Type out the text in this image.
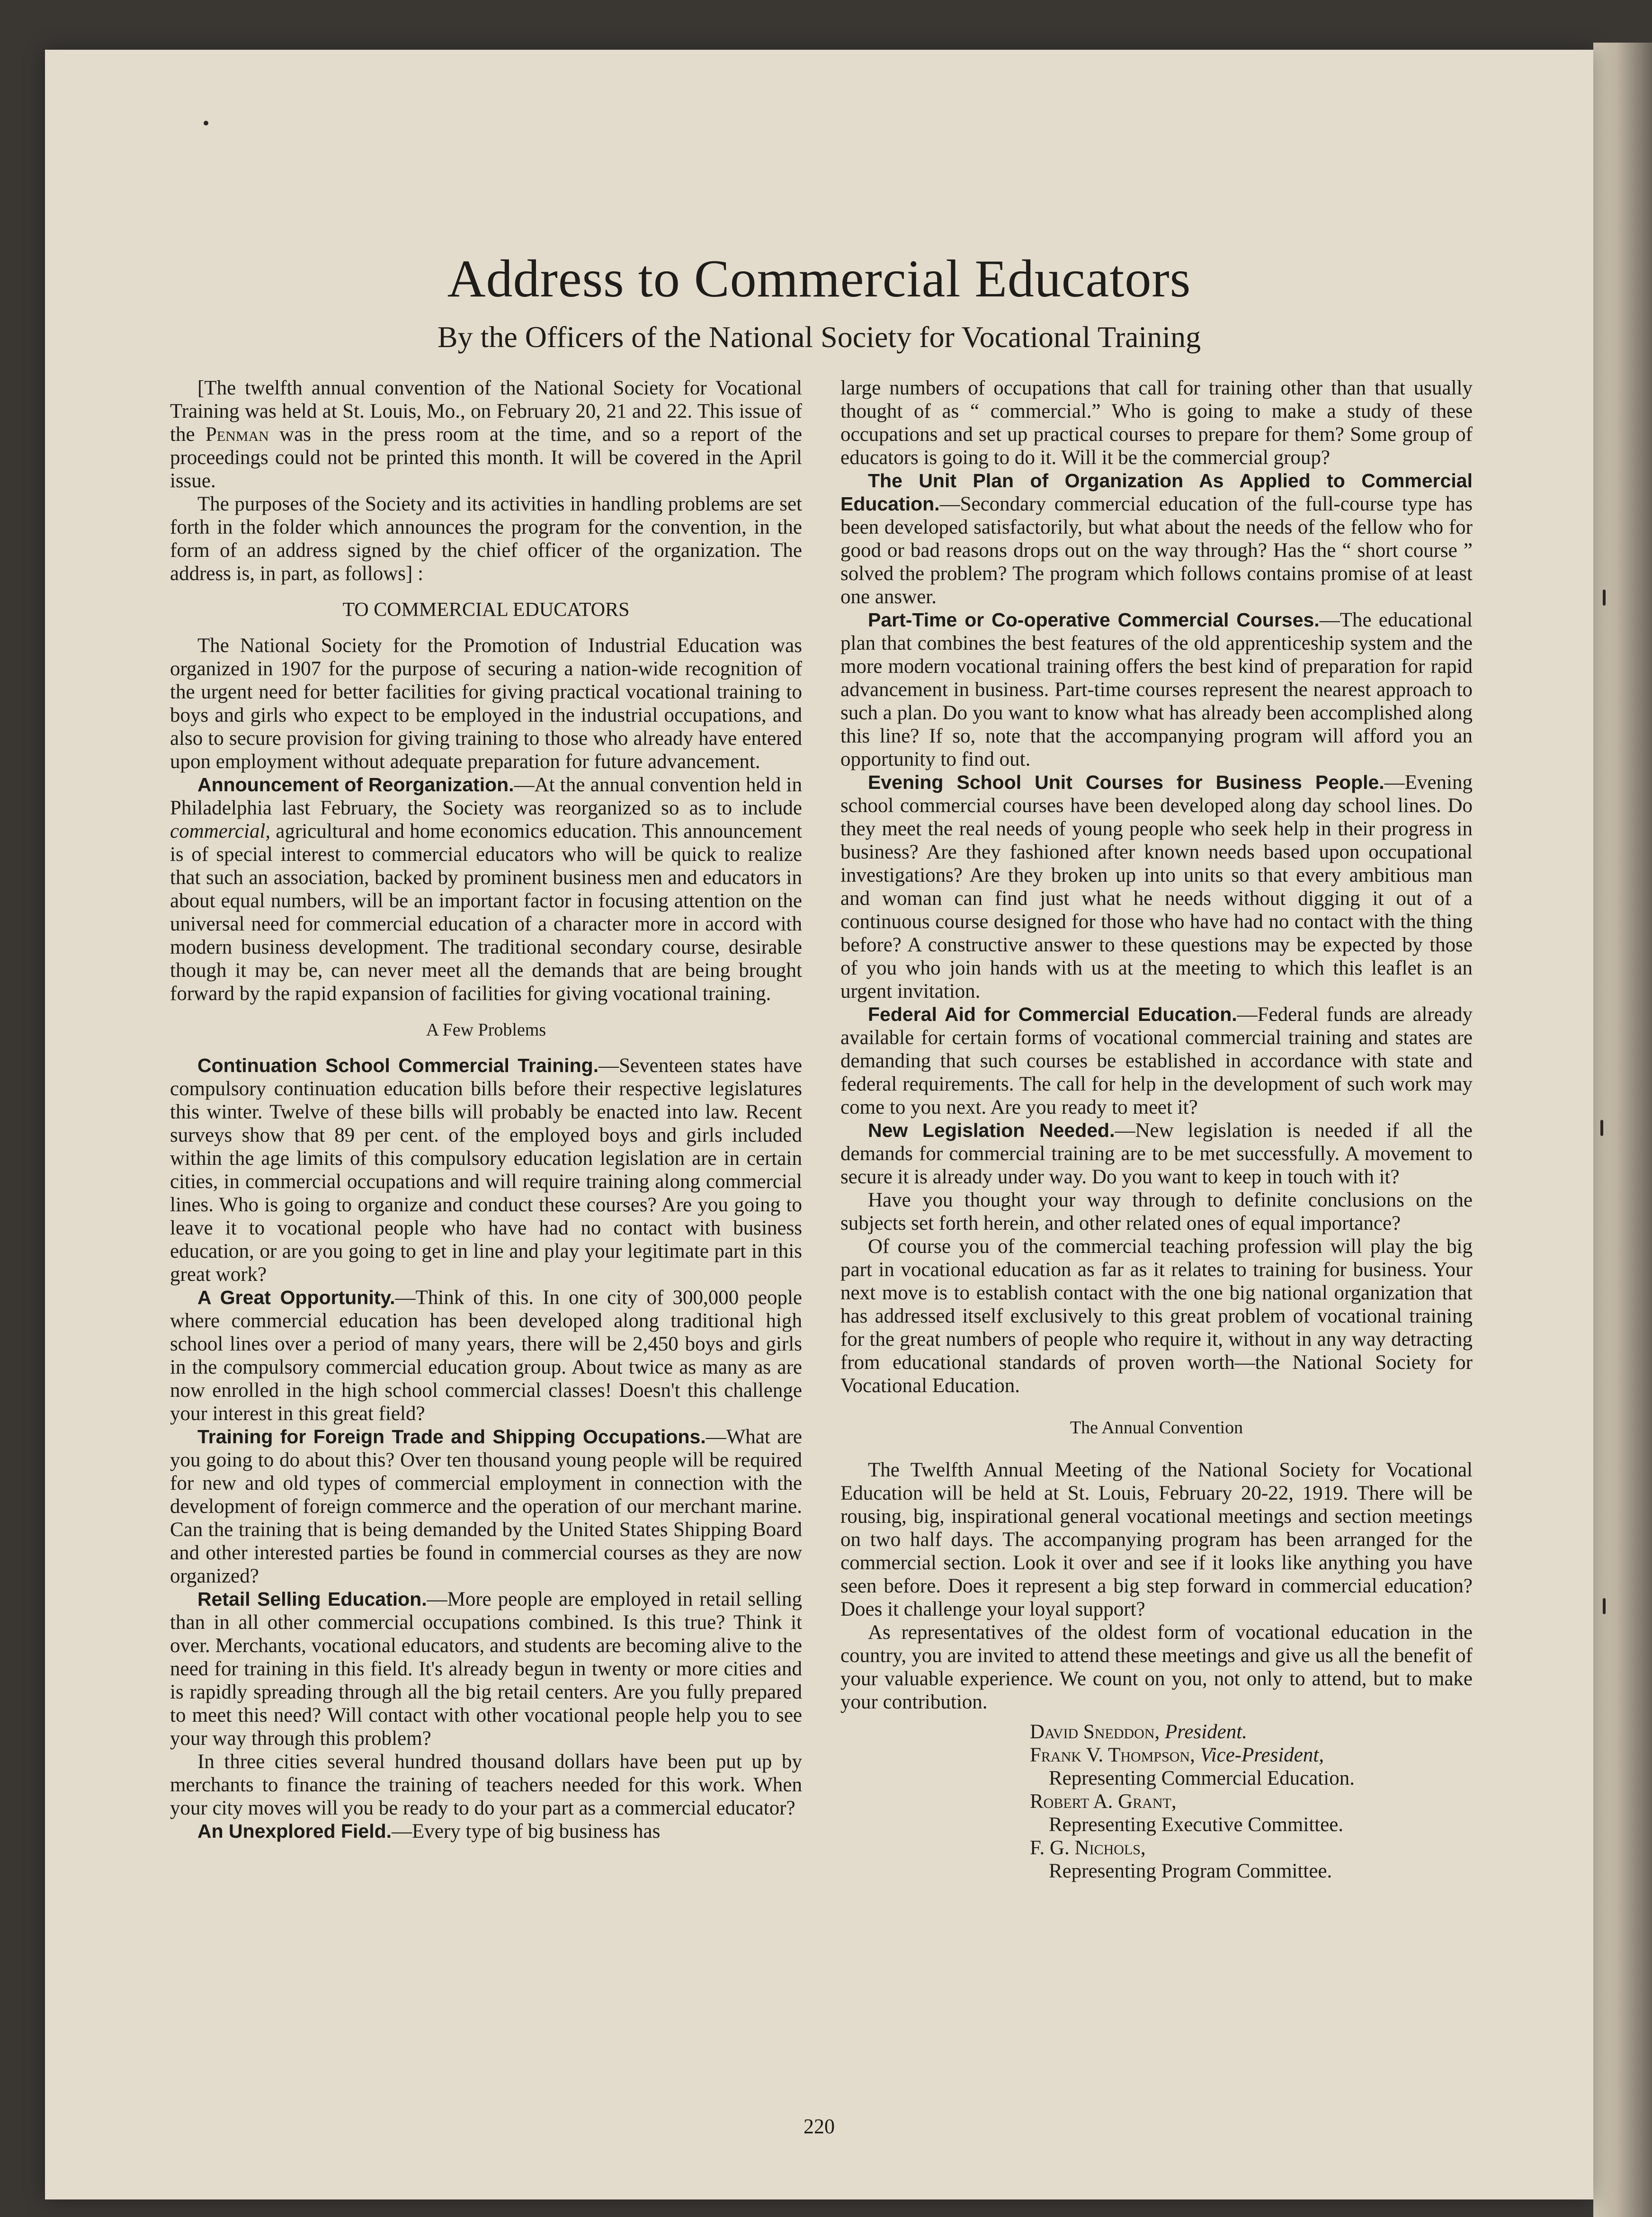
Address to Commercial Educators

By the Officers of the National Society for Vocational Training

[The twelfth annual convention of the National Society for Vocational Training was held at St. Louis, Mo., on February 20, 21 and 22. This issue of the Penman was in the press room at the time, and so a report of the proceedings could not be printed this month. It will be covered in the April issue.

The purposes of the Society and its activities in handling problems are set forth in the folder which announces the program for the convention, in the form of an address signed by the chief officer of the organization. The address is, in part, as follows] :

TO COMMERCIAL EDUCATORS

The National Society for the Promotion of Industrial Education was organized in 1907 for the purpose of securing a nation-wide recognition of the urgent need for better facilities for giving practical vocational training to boys and girls who expect to be employed in the industrial occupations, and also to secure provision for giving training to those who already have entered upon employment without adequate preparation for future advancement.

Announcement of Reorganization.—At the annual convention held in Philadelphia last February, the Society was reorganized so as to include commercial, agricultural and home economics education. This announcement is of special interest to commercial educators who will be quick to realize that such an association, backed by prominent business men and educators in about equal numbers, will be an important factor in focusing attention on the universal need for commercial education of a character more in accord with modern business development. The traditional secondary course, desirable though it may be, can never meet all the demands that are being brought forward by the rapid expansion of facilities for giving vocational training.

A Few Problems

Continuation School Commercial Training.—Seventeen states have compulsory continuation education bills before their respective legislatures this winter. Twelve of these bills will probably be enacted into law. Recent surveys show that 89 per cent. of the employed boys and girls included within the age limits of this compulsory education legislation are in certain cities, in commercial occupations and will require training along commercial lines. Who is going to organize and conduct these courses? Are you going to leave it to vocational people who have had no contact with business education, or are you going to get in line and play your legitimate part in this great work?

A Great Opportunity.—Think of this. In one city of 300,000 people where commercial education has been developed along traditional high school lines over a period of many years, there will be 2,450 boys and girls in the compulsory commercial education group. About twice as many as are now enrolled in the high school commercial classes! Doesn't this challenge your interest in this great field?

Training for Foreign Trade and Shipping Occupations.—What are you going to do about this? Over ten thousand young people will be required for new and old types of commercial employment in connection with the development of foreign commerce and the operation of our merchant marine. Can the training that is being demanded by the United States Shipping Board and other interested parties be found in commercial courses as they are now organized?

Retail Selling Education.—More people are employed in retail selling than in all other commercial occupations combined. Is this true? Think it over. Merchants, vocational educators, and students are becoming alive to the need for training in this field. It's already begun in twenty or more cities and is rapidly spreading through all the big retail centers. Are you fully prepared to meet this need? Will contact with other vocational people help you to see your way through this problem?

In three cities several hundred thousand dollars have been put up by merchants to finance the training of teachers needed for this work. When your city moves will you be ready to do your part as a commercial educator?

An Unexplored Field.—Every type of big business has

large numbers of occupations that call for training other than that usually thought of as “ commercial.” Who is going to make a study of these occupations and set up practical courses to prepare for them? Some group of educators is going to do it. Will it be the commercial group?

The Unit Plan of Organization As Applied to Commercial Education.—Secondary commercial education of the full-course type has been developed satisfactorily, but what about the needs of the fellow who for good or bad reasons drops out on the way through? Has the “ short course ” solved the problem? The program which follows contains promise of at least one answer.

Part-Time or Co-operative Commercial Courses.—The educational plan that combines the best features of the old apprenticeship system and the more modern vocational training offers the best kind of preparation for rapid advancement in business. Part-time courses represent the nearest approach to such a plan. Do you want to know what has already been accomplished along this line? If so, note that the accompanying program will afford you an opportunity to find out.

Evening School Unit Courses for Business People.—Evening school commercial courses have been developed along day school lines. Do they meet the real needs of young people who seek help in their progress in business? Are they fashioned after known needs based upon occupational investigations? Are they broken up into units so that every ambitious man and woman can find just what he needs without digging it out of a continuous course designed for those who have had no contact with the thing before? A constructive answer to these questions may be expected by those of you who join hands with us at the meeting to which this leaflet is an urgent invitation.

Federal Aid for Commercial Education.—Federal funds are already available for certain forms of vocational commercial training and states are demanding that such courses be established in accordance with state and federal requirements. The call for help in the development of such work may come to you next. Are you ready to meet it?

New Legislation Needed.—New legislation is needed if all the demands for commercial training are to be met successfully. A movement to secure it is already under way. Do you want to keep in touch with it?

Have you thought your way through to definite conclusions on the subjects set forth herein, and other related ones of equal importance?

Of course you of the commercial teaching profession will play the big part in vocational education as far as it relates to training for business. Your next move is to establish contact with the one big national organization that has addressed itself exclusively to this great problem of vocational training for the great numbers of people who require it, without in any way detracting from educational standards of proven worth—the National Society for Vocational Education.

The Annual Convention

The Twelfth Annual Meeting of the National Society for Vocational Education will be held at St. Louis, February 20-22, 1919. There will be rousing, big, inspirational general vocational meetings and section meetings on two half days. The accompanying program has been arranged for the commercial section. Look it over and see if it looks like anything you have seen before. Does it represent a big step forward in commercial education? Does it challenge your loyal support?

As representatives of the oldest form of vocational education in the country, you are invited to attend these meetings and give us all the benefit of your valuable experience. We count on you, not only to attend, but to make your contribution.

David Sneddon, President.

Frank V. Thompson, Vice-President,

Representing Commercial Education.

Robert A. Grant,

Representing Executive Committee.

F. G. Nichols,

Representing Program Committee.

220
